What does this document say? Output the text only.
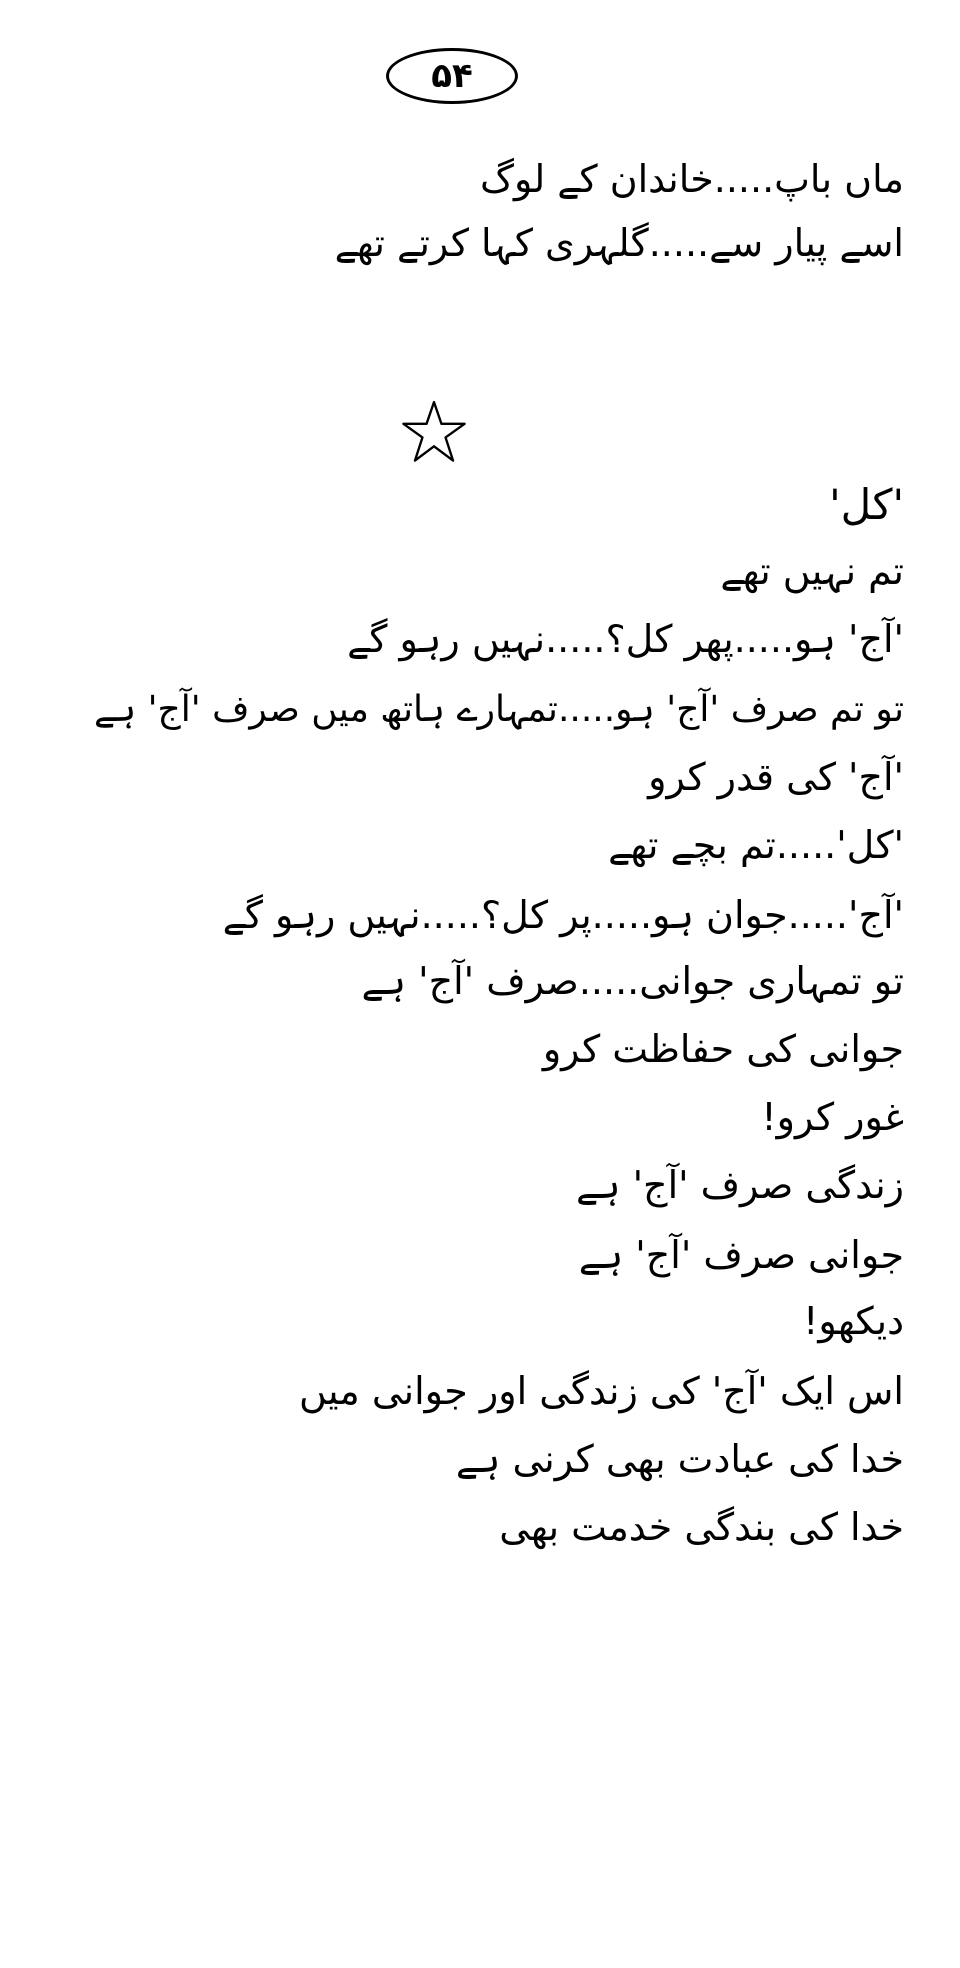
۵۴
ماں باپ.....خاندان کے لوگ
اسے پیار سے.....گلہری کہا کرتے تھے
'کل'
تم نہیں تھے
'آج' ہو.....پھر کل؟.....نہیں رہو گے
تو تم صرف 'آج' ہو.....تمہارے ہاتھ میں صرف 'آج' ہے
'آج' کی قدر کرو
'کل'.....تم بچے تھے
'آج'.....جوان ہو.....پر کل؟.....نہیں رہو گے
تو تمہاری جوانی.....صرف 'آج' ہے
جوانی کی حفاظت کرو
غور کرو!
زندگی صرف 'آج' ہے
جوانی صرف 'آج' ہے
دیکھو!
اس ایک 'آج' کی زندگی اور جوانی میں
خدا کی عبادت بھی کرنی ہے
خدا کی بندگی خدمت بھی
